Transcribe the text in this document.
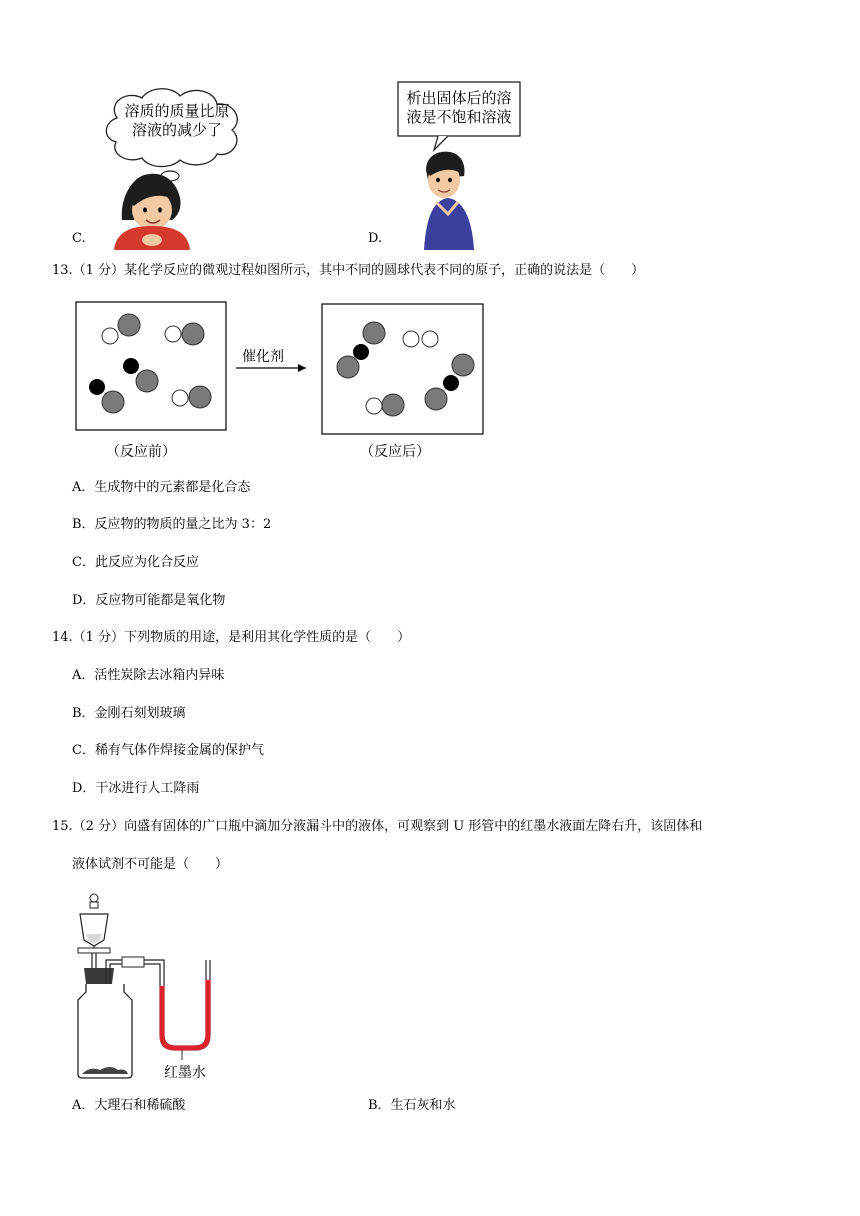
C.
溶质的质量比原
溶液的减少了
D.
析出固体后的溶
液是不饱和溶液
13.（1 分）某化学反应的微观过程如图所示，其中不同的圆球代表不同的原子，正确的说法是（　　）
催化剂
（反应前）	（反应后）
A．生成物中的元素都是化合态
B．反应物的物质的量之比为 3：2
C．此反应为化合反应
D．反应物可能都是氧化物
14.（1 分）下列物质的用途，是利用其化学性质的是（　　）
A．活性炭除去冰箱内异味
B．金刚石刻划玻璃
C．稀有气体作焊接金属的保护气
D．干冰进行人工降雨
15.（2 分）向盛有固体的广口瓶中滴加分液漏斗中的液体，可观察到 U 形管中的红墨水液面左降右升，该固体和
液体试剂不可能是（　　）
红墨水
A．大理石和稀硫酸	B．生石灰和水
